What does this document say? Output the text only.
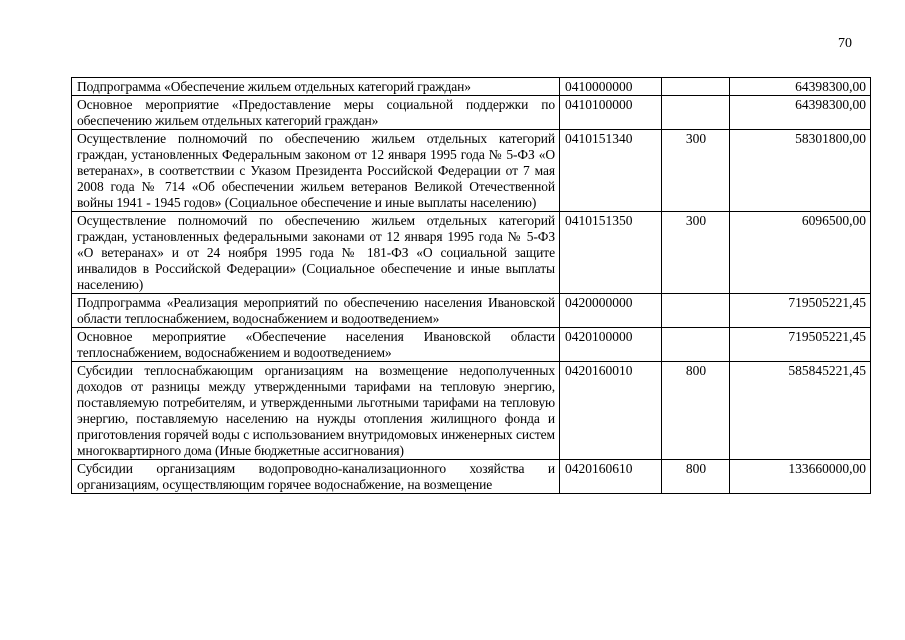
70
Подпрограмма «Обеспечение жильем отдельных категорий граждан»	0410000000		64398300,00
Основное мероприятие «Предоставление меры социальной поддержки по обеспечению жильем отдельных категорий граждан»	0410100000		64398300,00
Осуществление полномочий по обеспечению жильем отдельных категорий граждан, установленных Федеральным законом от 12 января 1995 года № 5-ФЗ «О ветеранах», в соответствии с Указом Президента Российской Федерации от 7 мая 2008 года № 714 «Об обеспечении жильем ветеранов Великой Отечественной войны 1941 - 1945 годов» (Социальное обеспечение и иные выплаты населению)	0410151340	300	58301800,00
Осуществление полномочий по обеспечению жильем отдельных категорий граждан, установленных федеральными законами от 12 января 1995 года № 5-ФЗ «О ветеранах» и от 24 ноября 1995 года № 181-ФЗ «О социальной защите инвалидов в Российской Федерации» (Социальное обеспечение и иные выплаты населению)	0410151350	300	6096500,00
Подпрограмма «Реализация мероприятий по обеспечению населения Ивановской области теплоснабжением, водоснабжением и водоотведением»	0420000000		719505221,45
Основное мероприятие «Обеспечение населения Ивановской области теплоснабжением, водоснабжением и водоотведением»	0420100000		719505221,45
Субсидии теплоснабжающим организациям на возмещение недополученных доходов от разницы между утвержденными тарифами на тепловую энергию, поставляемую потребителям, и утвержденными льготными тарифами на тепловую энергию, поставляемую населению на нужды отопления жилищного фонда и приготовления горячей воды с использованием внутридомовых инженерных систем многоквартирного дома (Иные бюджетные ассигнования)	0420160010	800	585845221,45

Субсидии организациям водопроводно-канализационного хозяйства и организациям, осуществляющим горячее водоснабжение, на возмещение	0420160610	800	133660000,00
